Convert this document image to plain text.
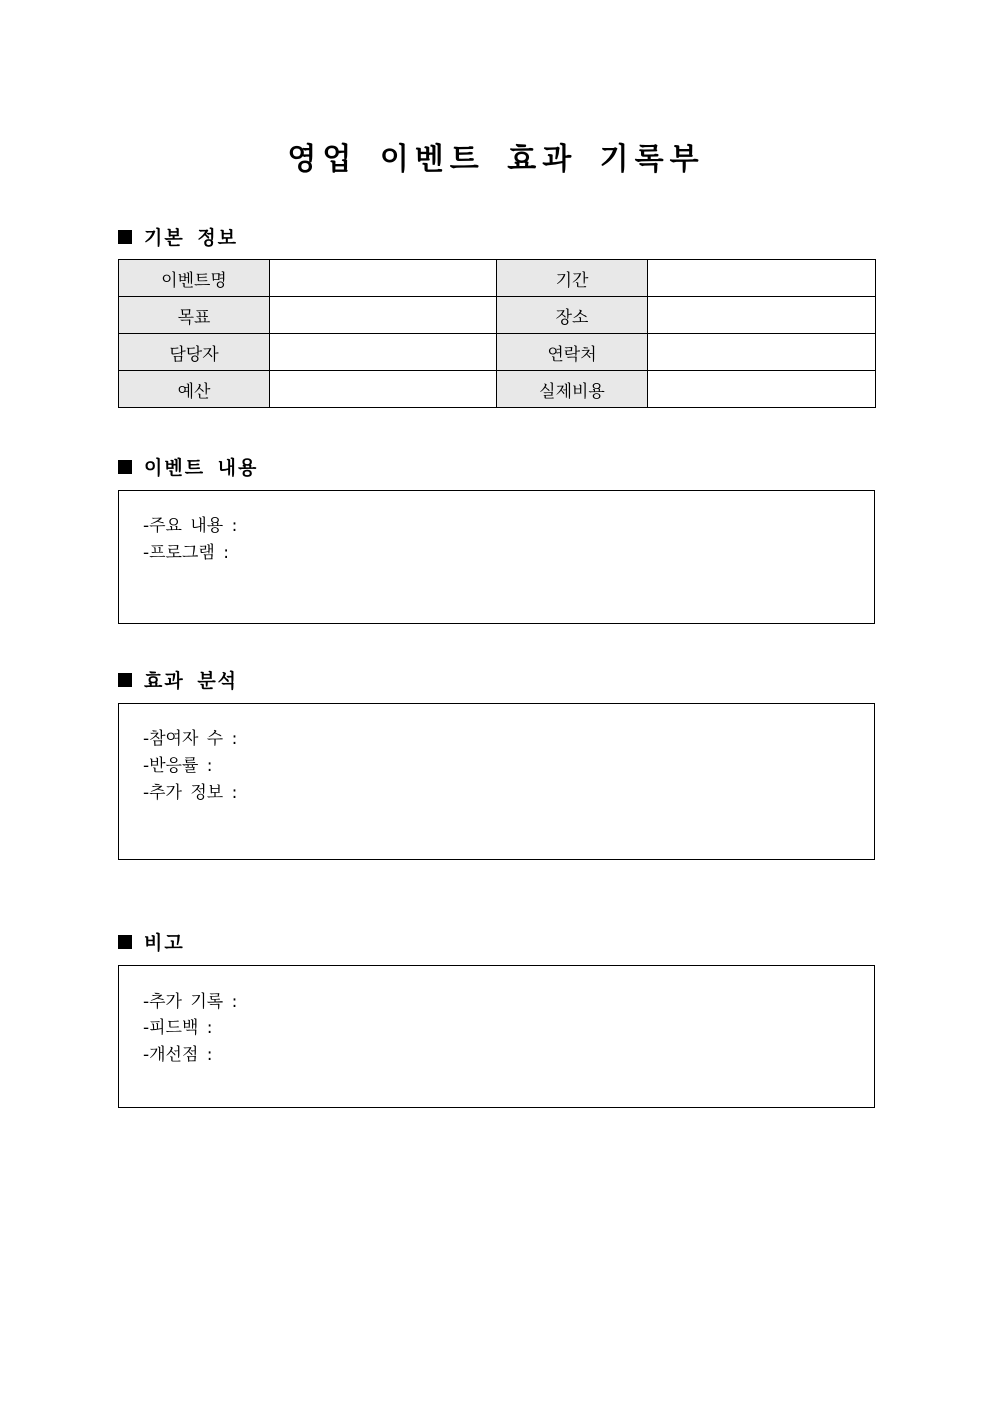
영업 이벤트 효과 기록부
기본 정보
이벤트명		기간	
목표		장소	
담당자		연락처	
예산		실제비용	
이벤트 내용
-주요 내용 :
-프로그램 :
효과 분석
-참여자 수 :
-반응률 :
-추가 정보 :
비고
-추가 기록 :
-피드백 :
-개선점 :
